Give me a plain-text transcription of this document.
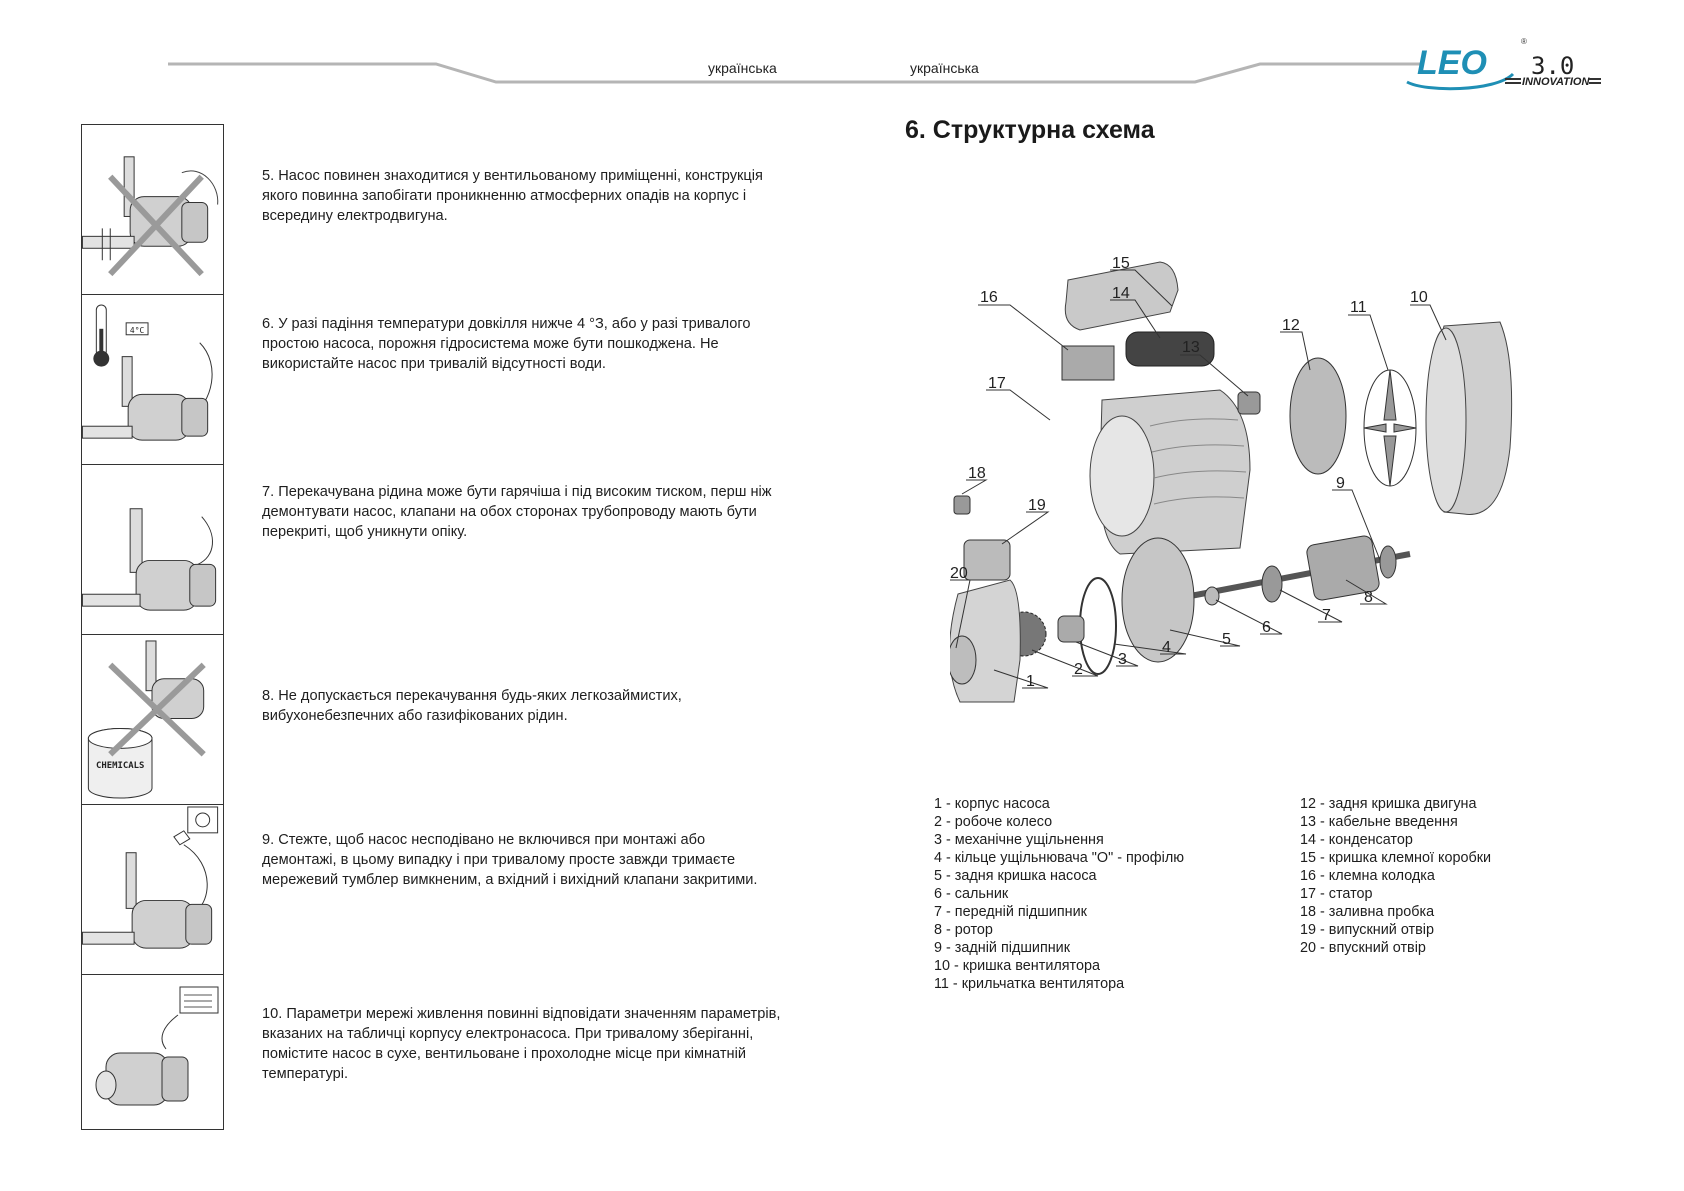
українська	українська	LEO
®
3.0
INNOVATION
4°C
CHEMICALS
5. Насос повинен знаходитися у вентильованому приміщенні, конструкція якого повинна запобігати проникненню атмосферних опадів на корпус і всередину електродвигуна.
6. У разі падіння температури довкілля нижче 4 °З, або у разі тривалого простою насоса, порожня гідросистема може бути пошкоджена. Не використайте насос при тривалій відсутності води.
7. Перекачувана рідина може бути гарячіша і під високим тиском, перш ніж демонтувати насос, клапани на обох сторонах трубопроводу мають бути перекриті, щоб уникнути опіку.
8. Не допускається перекачування будь-яких легкозаймистих, вибухонебезпечних або газифікованих рідин.
9. Стежте, щоб насос несподівано не включився при монтажі або демонтажі, в цьому випадку і при тривалому просте завжди тримаєте мережевий тумблер вимкненим, а вхідний і вихідний клапани закритими.
10. Параметри мережі живлення повинні відповідати значенням параметрів, вказаних на табличці корпусу електронасоса. При тривалому зберіганні, помістите насос в сухе, вентильоване і прохолодне місце при кімнатній температурі.
6. Структурна схема
1
2
3
4	5
6
7
8
9
10
11
12
13
14
15
16
17
18
19
20
1 - корпус насоса
2 - робоче колесо
3 - механічне ущільнення
4 - кільце ущільнювача "О" - профілю
5 - задня кришка насоса
6 - сальник
7 - передній підшипник
8 - ротор
9 - задній підшипник
10 - кришка вентилятора
11 - крильчатка вентилятора
12 - задня кришка двигуна
13 - кабельне введення
14 - конденсатор
15 - кришка клемної коробки
16 - клемна колодка
17 - статор
18 - заливна пробка
19 - випускний отвір
20 - впускний отвір
